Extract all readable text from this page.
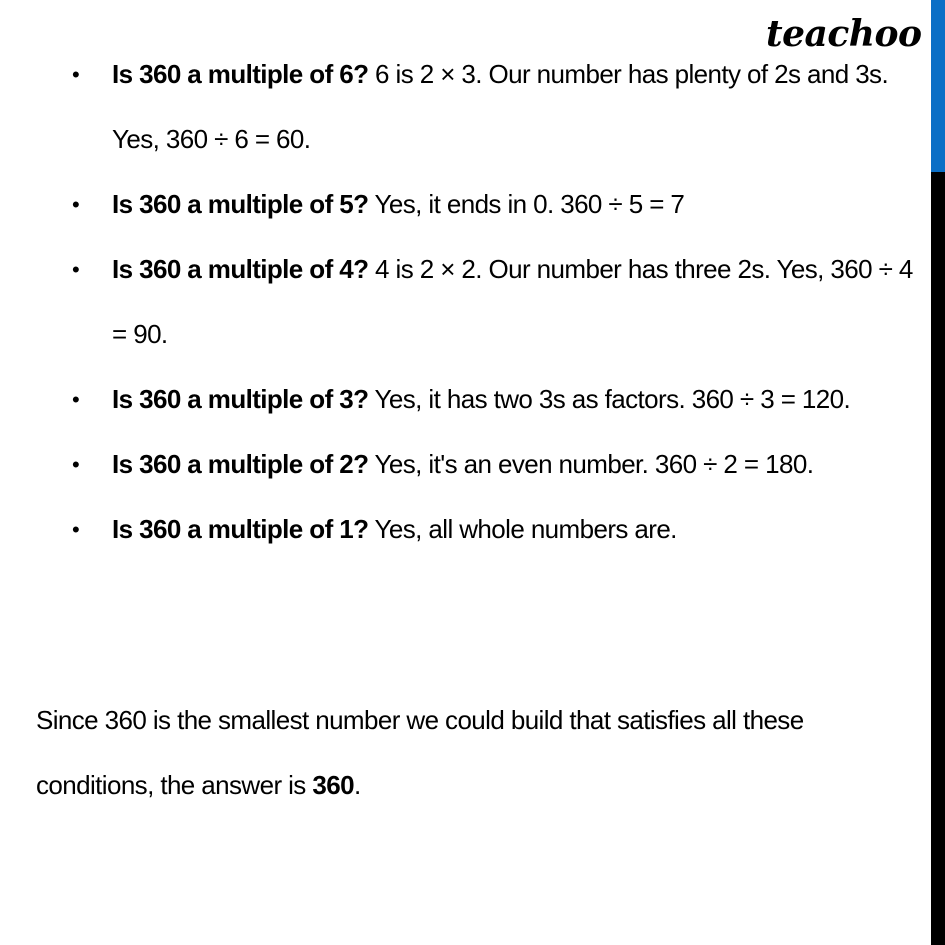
teachoo
• Is 360 a multiple of 6? 6 is 2 × 3. Our number has plenty of 2s and 3s. Yes, 360 ÷ 6 = 60.
• Is 360 a multiple of 5? Yes, it ends in 0. 360 ÷ 5 = 7
• Is 360 a multiple of 4? 4 is 2 × 2. Our number has three 2s. Yes, 360 ÷ 4 = 90.
• Is 360 a multiple of 3? Yes, it has two 3s as factors. 360 ÷ 3 = 120.
• Is 360 a multiple of 2? Yes, it's an even number. 360 ÷ 2 = 180.
• Is 360 a multiple of 1? Yes, all whole numbers are.

Since 360 is the smallest number we could build that satisfies all these conditions, the answer is 360.
